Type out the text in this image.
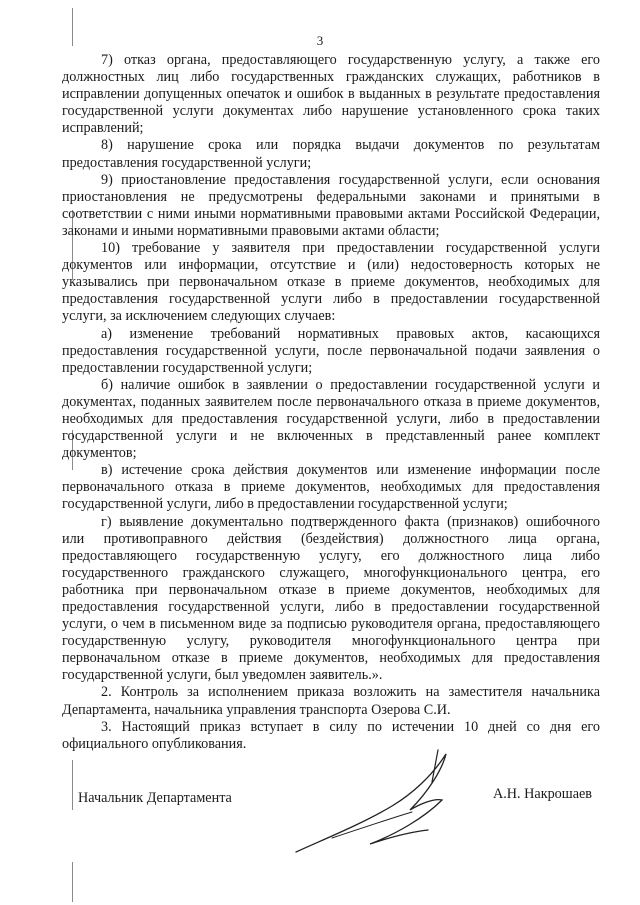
3

7) отказ органа, предоставляющего государственную услугу, а также его должностных лиц либо государственных гражданских служащих, работников в исправлении допущенных опечаток и ошибок в выданных в результате предоставления государственной услуги документах либо нарушение установленного срока таких исправлений;

8) нарушение срока или порядка выдачи документов по результатам предоставления государственной услуги;

9) приостановление предоставления государственной услуги, если основания приостановления не предусмотрены федеральными законами и принятыми в соответствии с ними иными нормативными правовыми актами Российской Федерации, законами и иными нормативными правовыми актами области;

10) требование у заявителя при предоставлении государственной услуги документов или информации, отсутствие и (или) недостоверность которых не указывались при первоначальном отказе в приеме документов, необходимых для предоставления государственной услуги либо в предоставлении государственной услуги, за исключением следующих случаев:

а) изменение требований нормативных правовых актов, касающихся предоставления государственной услуги, после первоначальной подачи заявления о предоставлении государственной услуги;

б) наличие ошибок в заявлении о предоставлении государственной услуги и документах, поданных заявителем после первоначального отказа в приеме документов, необходимых для предоставления государственной услуги, либо в предоставлении государственной услуги и не включенных в представленный ранее комплект документов;

в) истечение срока действия документов или изменение информации после первоначального отказа в приеме документов, необходимых для предоставления государственной услуги, либо в предоставлении государственной услуги;

г) выявление документально подтвержденного факта (признаков) ошибочного или противоправного действия (бездействия) должностного лица органа, предоставляющего государственную услугу, его должностного лица либо государственного гражданского служащего, многофункционального центра, его работника при первоначальном отказе в приеме документов, необходимых для предоставления государственной услуги, либо в предоставлении государственной услуги, о чем в письменном виде за подписью руководителя органа, предоставляющего государственную услугу, руководителя многофункционального центра при первоначальном отказе в приеме документов, необходимых для предоставления государственной услуги, был уведомлен заявитель.».

2. Контроль за исполнением приказа возложить на заместителя начальника Департамента, начальника управления транспорта Озерова С.И.

3. Настоящий приказ вступает в силу по истечении 10 дней со дня его официального опубликования.

Начальник Департамента	А.Н. Накрошаев
